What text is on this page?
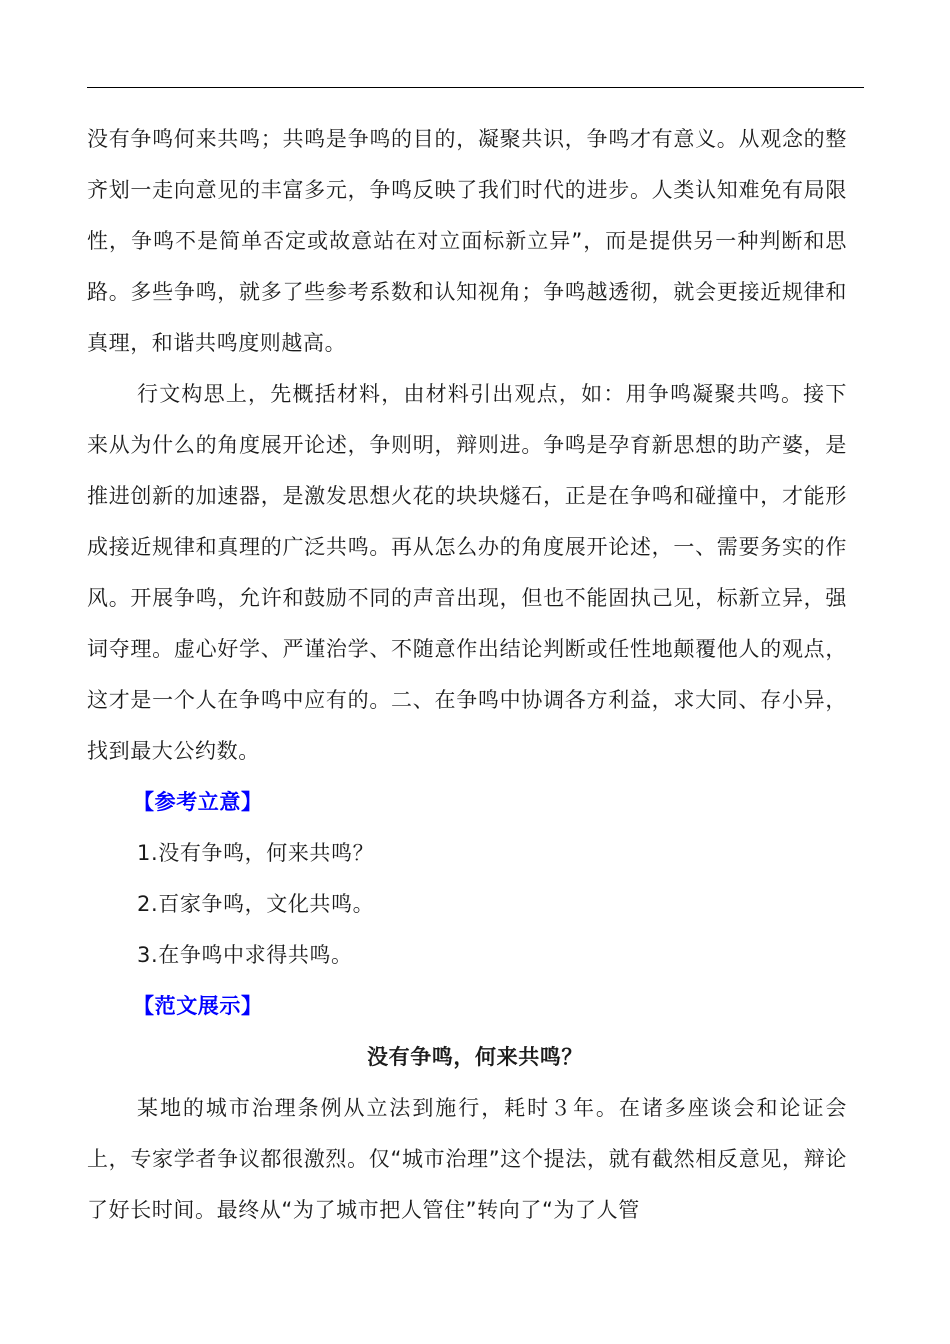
没有争鸣何来共鸣；共鸣是争鸣的目的，凝聚共识，争鸣才有意义。从观念的整齐划一走向意见的丰富多元，争鸣反映了我们时代的进步。人类认知难免有局限性，争鸣不是简单否定或故意站在对立面标新立异”，而是提供另一种判断和思路。多些争鸣，就多了些参考系数和认知视角；争鸣越透彻，就会更接近规律和真理，和谐共鸣度则越高。

行文构思上，先概括材料，由材料引出观点，如：用争鸣凝聚共鸣。接下来从为什么的角度展开论述，争则明，辩则进。争鸣是孕育新思想的助产婆，是推进创新的加速器，是激发思想火花的块块燧石，正是在争鸣和碰撞中，才能形成接近规律和真理的广泛共鸣。再从怎么办的角度展开论述，一、需要务实的作风。开展争鸣，允许和鼓励不同的声音出现，但也不能固执己见，标新立异，强词夺理。虚心好学、严谨治学、不随意作出结论判断或任性地颠覆他人的观点，这才是一个人在争鸣中应有的。二、在争鸣中协调各方利益，求大同、存小异，找到最大公约数。

【参考立意】

1.没有争鸣，何来共鸣？

2.百家争鸣，文化共鸣。

3.在争鸣中求得共鸣。

【范文展示】

没有争鸣，何来共鸣？

某地的城市治理条例从立法到施行，耗时３年。在诸多座谈会和论证会上，专家学者争议都很激烈。仅“城市治理”这个提法，就有截然相反意见，辩论了好长时间。最终从“为了城市把人管住”转向了“为了人管
